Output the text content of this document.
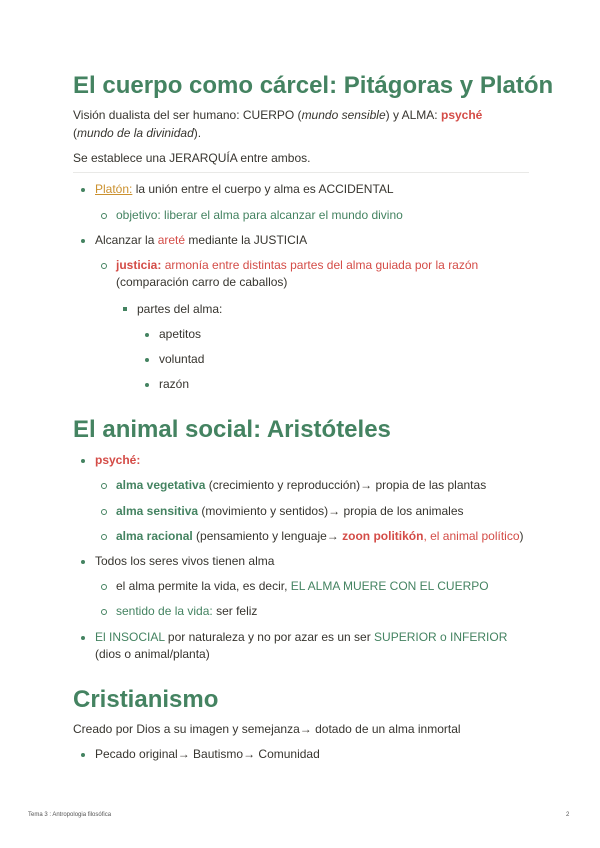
El cuerpo como cárcel: Pitágoras y Platón

Visión dualista del ser humano: CUERPO (mundo sensible) y ALMA: psyché
(mundo de la divinidad).

Se establece una JERARQUÍA entre ambos.

Platón: la unión entre el cuerpo y alma es ACCIDENTAL
objetivo: liberar el alma para alcanzar el mundo divino
Alcanzar la areté mediante la JUSTICIA
justicia: armonía entre distintas partes del alma guiada por la razón
(comparación carro de caballos)
partes del alma:
apetitos
voluntad
razón
El animal social: Aristóteles
psyché:
alma vegetativa (crecimiento y reproducción)→ propia de las plantas
alma sensitiva (movimiento y sentidos)→ propia de los animales
alma racional (pensamiento y lenguaje→ zoon politikón, el animal político)
Todos los seres vivos tienen alma
el alma permite la vida, es decir, EL ALMA MUERE CON EL CUERPO
sentido de la vida: ser feliz
El INSOCIAL por naturaleza y no por azar es un ser SUPERIOR o INFERIOR
(dios o animal/planta)
Cristianismo

Creado por Dios a su imagen y semejanza→ dotado de un alma inmortal

Pecado original→ Bautismo→ Comunidad
Tema 3 : Antropologia filosófica	2
